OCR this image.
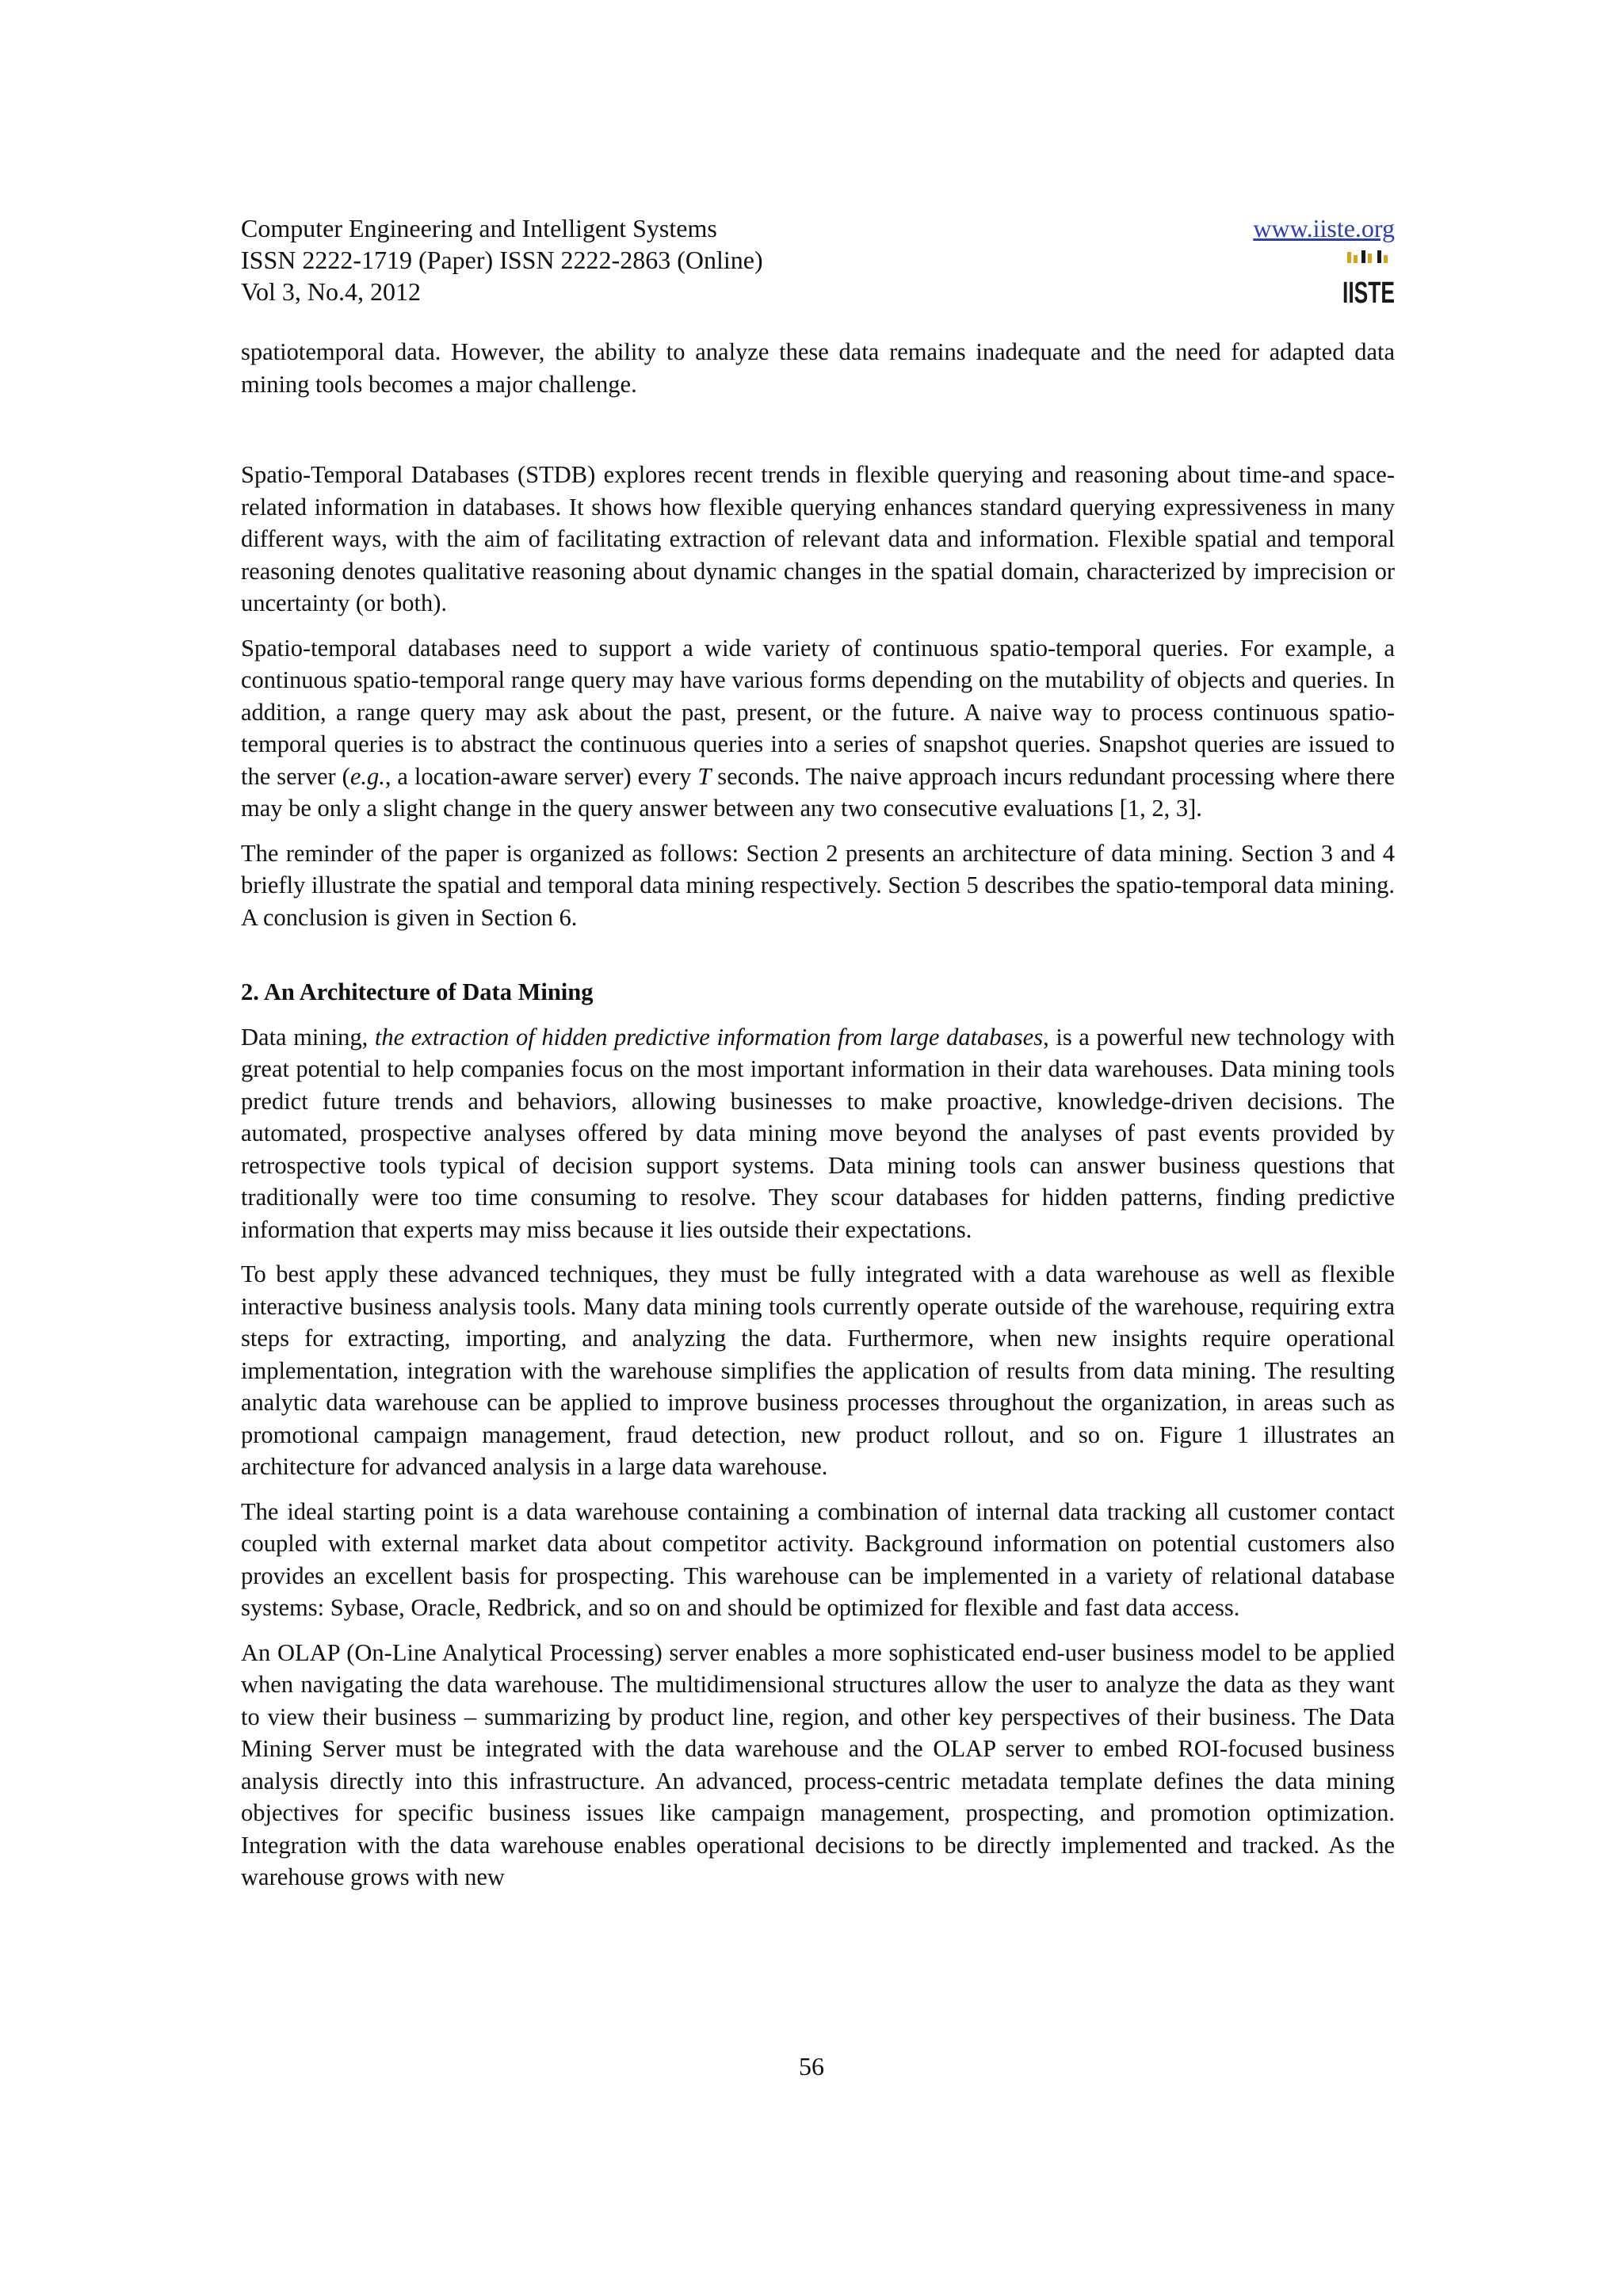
Computer Engineering and Intelligent Systems
ISSN 2222-1719 (Paper) ISSN 2222-2863 (Online)
Vol 3, No.4, 2012
www.iiste.org
IISTE

spatiotemporal data. However, the ability to analyze these data remains inadequate and the need for adapted data mining tools becomes a major challenge.

Spatio-Temporal Databases (STDB) explores recent trends in flexible querying and reasoning about time-and space-related information in databases. It shows how flexible querying enhances standard querying expressiveness in many different ways, with the aim of facilitating extraction of relevant data and information. Flexible spatial and temporal reasoning denotes qualitative reasoning about dynamic changes in the spatial domain, characterized by imprecision or uncertainty (or both).

Spatio-temporal databases need to support a wide variety of continuous spatio-temporal queries. For example, a continuous spatio-temporal range query may have various forms depending on the mutability of objects and queries. In addition, a range query may ask about the past, present, or the future. A naive way to process continuous spatio-temporal queries is to abstract the continuous queries into a series of snapshot queries. Snapshot queries are issued to the server (e.g., a location-aware server) every T seconds. The naive approach incurs redundant processing where there may be only a slight change in the query answer between any two consecutive evaluations [1, 2, 3].

The reminder of the paper is organized as follows: Section 2 presents an architecture of data mining. Section 3 and 4 briefly illustrate the spatial and temporal data mining respectively. Section 5 describes the spatio-temporal data mining. A conclusion is given in Section 6.

2. An Architecture of Data Mining

Data mining, the extraction of hidden predictive information from large databases, is a powerful new technology with great potential to help companies focus on the most important information in their data warehouses. Data mining tools predict future trends and behaviors, allowing businesses to make proactive, knowledge-driven decisions. The automated, prospective analyses offered by data mining move beyond the analyses of past events provided by retrospective tools typical of decision support systems. Data mining tools can answer business questions that traditionally were too time consuming to resolve. They scour databases for hidden patterns, finding predictive information that experts may miss because it lies outside their expectations.

To best apply these advanced techniques, they must be fully integrated with a data warehouse as well as flexible interactive business analysis tools. Many data mining tools currently operate outside of the warehouse, requiring extra steps for extracting, importing, and analyzing the data. Furthermore, when new insights require operational implementation, integration with the warehouse simplifies the application of results from data mining. The resulting analytic data warehouse can be applied to improve business processes throughout the organization, in areas such as promotional campaign management, fraud detection, new product rollout, and so on. Figure 1 illustrates an architecture for advanced analysis in a large data warehouse.

The ideal starting point is a data warehouse containing a combination of internal data tracking all customer contact coupled with external market data about competitor activity. Background information on potential customers also provides an excellent basis for prospecting. This warehouse can be implemented in a variety of relational database systems: Sybase, Oracle, Redbrick, and so on and should be optimized for flexible and fast data access.

An OLAP (On-Line Analytical Processing) server enables a more sophisticated end-user business model to be applied when navigating the data warehouse. The multidimensional structures allow the user to analyze the data as they want to view their business – summarizing by product line, region, and other key perspectives of their business. The Data Mining Server must be integrated with the data warehouse and the OLAP server to embed ROI-focused business analysis directly into this infrastructure. An advanced, process-centric metadata template defines the data mining objectives for specific business issues like campaign management, prospecting, and promotion optimization. Integration with the data warehouse enables operational decisions to be directly implemented and tracked. As the warehouse grows with new

56
